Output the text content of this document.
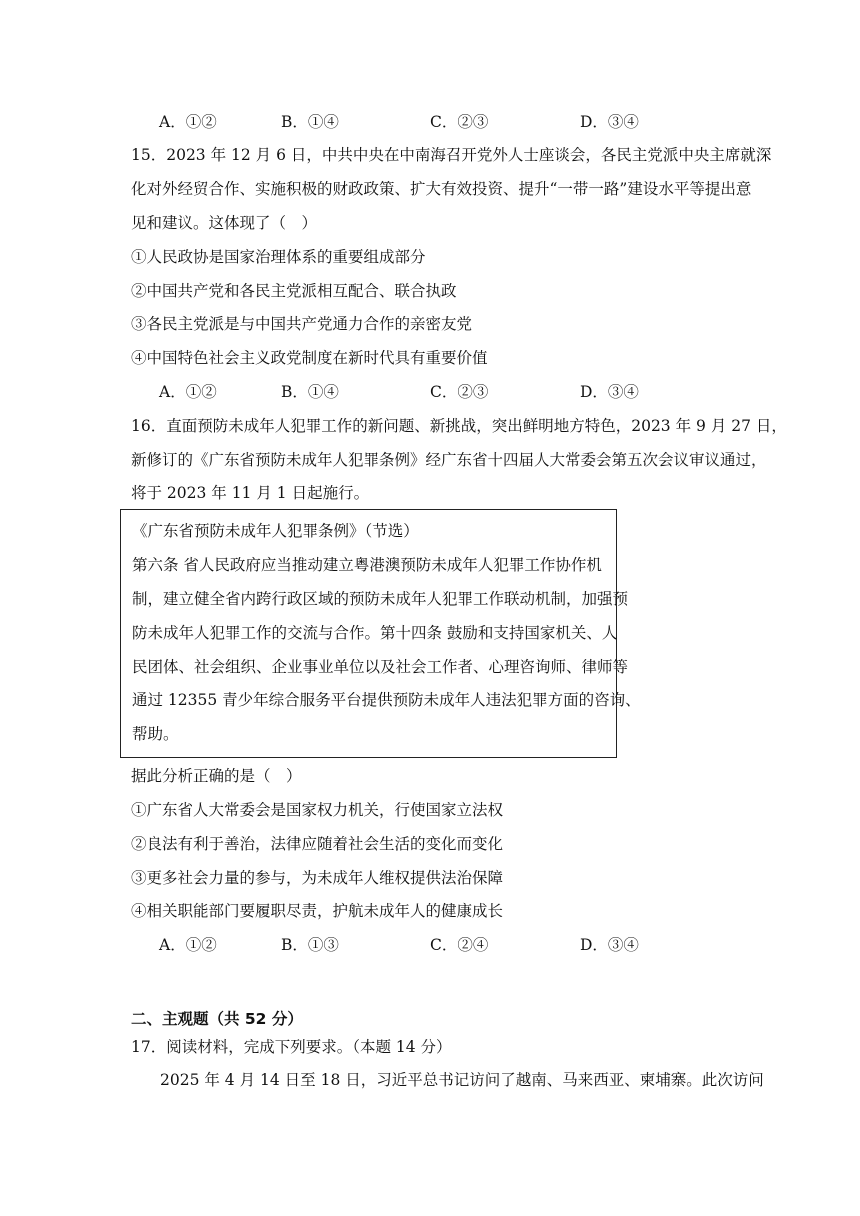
A．①②	B．①④	C．②③	D．③④
15．2023 年 12 月 6 日，中共中央在中南海召开党外人士座谈会，各民主党派中央主席就深
化对外经贸合作、实施积极的财政政策、扩大有效投资、提升“一带一路”建设水平等提出意
见和建议。这体现了（　）
①人民政协是国家治理体系的重要组成部分
②中国共产党和各民主党派相互配合、联合执政
③各民主党派是与中国共产党通力合作的亲密友党
④中国特色社会主义政党制度在新时代具有重要价值
A．①②	B．①④	C．②③	D．③④
16．直面预防未成年人犯罪工作的新问题、新挑战，突出鲜明地方特色，2023 年 9 月 27 日，
新修订的《广东省预防未成年人犯罪条例》经广东省十四届人大常委会第五次会议审议通过，
将于 2023 年 11 月 1 日起施行。
《广东省预防未成年人犯罪条例》（节选）
第六条 省人民政府应当推动建立粤港澳预防未成年人犯罪工作协作机
制，建立健全省内跨行政区域的预防未成年人犯罪工作联动机制，加强预
防未成年人犯罪工作的交流与合作。第十四条 鼓励和支持国家机关、人
民团体、社会组织、企业事业单位以及社会工作者、心理咨询师、律师等
通过 12355 青少年综合服务平台提供预防未成年人违法犯罪方面的咨询、
帮助。
据此分析正确的是（　）
①广东省人大常委会是国家权力机关，行使国家立法权
②良法有利于善治，法律应随着社会生活的变化而变化
③更多社会力量的参与，为未成年人维权提供法治保障
④相关职能部门要履职尽责，护航未成年人的健康成长
A．①②	B．①③	C．②④	D．③④
二、主观题（共 52 分）
17．阅读材料，完成下列要求。（本题 14 分）
2025 年 4 月 14 日至 18 日，习近平总书记访问了越南、马来西亚、柬埔寨。此次访问
